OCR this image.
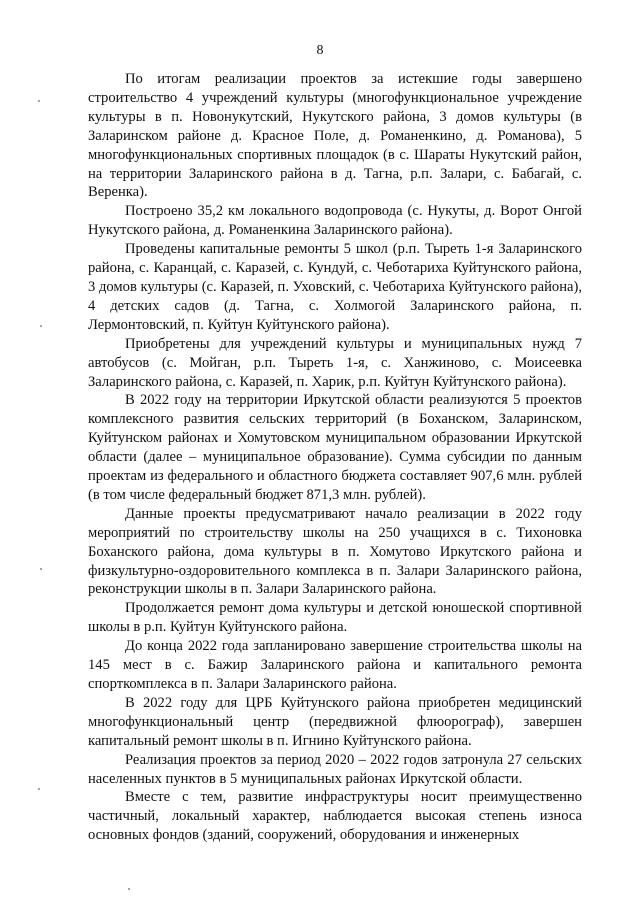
8

По итогам реализации проектов за истекшие годы завершено строительство 4 учреждений культуры (многофункциональное учреждение культуры в п. Новонукутский, Нукутского района, 3 домов культуры (в Заларинском районе д. Красное Поле, д. Романенкино, д. Романова), 5 многофункциональных спортивных площадок (в с. Шараты Нукутский район, на территории Заларинского района в д. Тагна, р.п. Залари, с. Бабагай, с. Веренка).

Построено 35,2 км локального водопровода (с. Нукуты, д. Ворот Онгой Нукутского района, д. Романенкина Заларинского района).

Проведены капитальные ремонты 5 школ (р.п. Тыреть 1-я Заларинского района, с. Каранцай, с. Каразей, с. Кундуй, с. Чеботариха Куйтунского района, 3 домов культуры (с. Каразей, п. Уховский, с. Чеботариха Куйтунского района), 4 детских садов (д. Тагна, с. Холмогой Заларинского района, п. Лермонтовский, п. Куйтун Куйтунского района).

Приобретены для учреждений культуры и муниципальных нужд 7 автобусов (с. Мойган, р.п. Тыреть 1-я, с. Ханжиново, с. Моисеевка Заларинского района, с. Каразей, п. Харик, р.п. Куйтун Куйтунского района).

В 2022 году на территории Иркутской области реализуются 5 проектов комплексного развития сельских территорий (в Боханском, Заларинском, Куйтунском районах и Хомутовском муниципальном образовании Иркутской области (далее – муниципальное образование). Сумма субсидии по данным проектам из федерального и областного бюджета составляет 907,6 млн. рублей (в том числе федеральный бюджет 871,3 млн. рублей).

Данные проекты предусматривают начало реализации в 2022 году мероприятий по строительству школы на 250 учащихся в с. Тихоновка Боханского района, дома культуры в п. Хомутово Иркутского района и физкультурно-оздоровительного комплекса в п. Залари Заларинского района, реконструкции школы в п. Залари Заларинского района.

Продолжается ремонт дома культуры и детской юношеской спортивной школы в р.п. Куйтун Куйтунского района.

До конца 2022 года запланировано завершение строительства школы на 145 мест в с. Бажир Заларинского района и капитального ремонта спорткомплекса в п. Залари Заларинского района.

В 2022 году для ЦРБ Куйтунского района приобретен медицинский многофункциональный центр (передвижной флюорограф), завершен капитальный ремонт школы в п. Игнино Куйтунского района.

Реализация проектов за период 2020 – 2022 годов затронула 27 сельских населенных пунктов в 5 муниципальных районах Иркутской области.

Вместе с тем, развитие инфраструктуры носит преимущественно частичный, локальный характер, наблюдается высокая степень износа основных фондов (зданий, сооружений, оборудования и инженерных
